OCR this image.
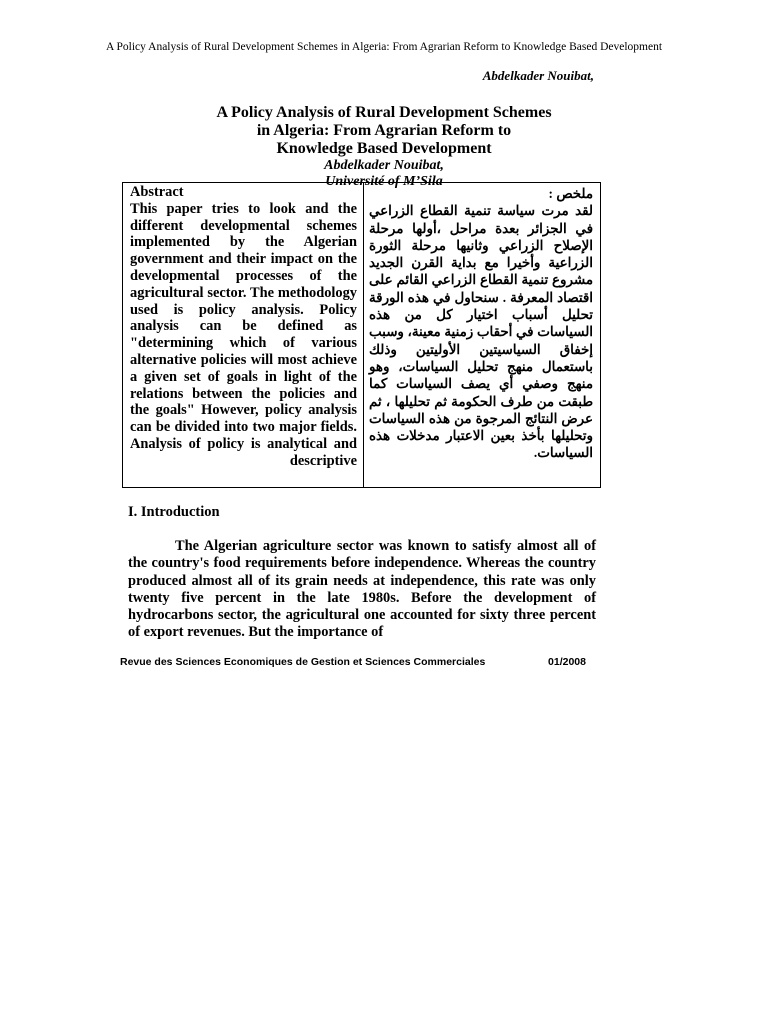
A Policy Analysis of Rural Development Schemes in Algeria: From Agrarian Reform to Knowledge Based Development
Abdelkader Nouibat,
A Policy Analysis of Rural Development Schemes
in Algeria: From Agrarian Reform to
Knowledge Based Development
Abdelkader Nouibat,
Université of M’Sila
Abstract
This paper tries to look and the different developmental schemes implemented by the Algerian government and their impact on the developmental processes of the agricultural sector. The methodology used is policy analysis. Policy analysis can be defined as "determining which of various alternative policies will most achieve a given set of goals in light of the relations between the policies and the goals" However, policy analysis can be divided into two major fields. Analysis of policy is analytical and descriptive
ملخص :
لقد مرت سياسة تنمية القطاع الزراعي في الجزائر بعدة مراحل ،أولها مرحلة الإصلاح الزراعي وثانيها مرحلة الثورة الزراعية وأخيرا مع بداية القرن الجديد مشروع تنمية القطاع الزراعي القائم على اقتصاد المعرفة . سنحاول في هذه الورقة تحليل أسباب اختيار كل من هذه السياسات في أحقاب زمنية معينة، وسبب إخفاق السياسيتين الأوليتين وذلك باستعمال منهج تحليل السياسات، وهو منهج وصفي أي يصف السياسات كما طبقت من طرف الحكومة ثم تحليلها ، ثم عرض النتائج المرجوة من هذه السياسات وتحليلها بأخذ بعين الاعتبار مدخلات هذه السياسات.
I. Introduction

The Algerian agriculture sector was known to satisfy almost all of the country's food requirements before independence. Whereas the country produced almost all of its grain needs at independence, this rate was only twenty five percent in the late 1980s. Before the development of hydrocarbons sector, the agricultural one accounted for sixty three percent of export revenues. But the importance of

Revue des Sciences Economiques de Gestion et Sciences Commerciales	01/2008
